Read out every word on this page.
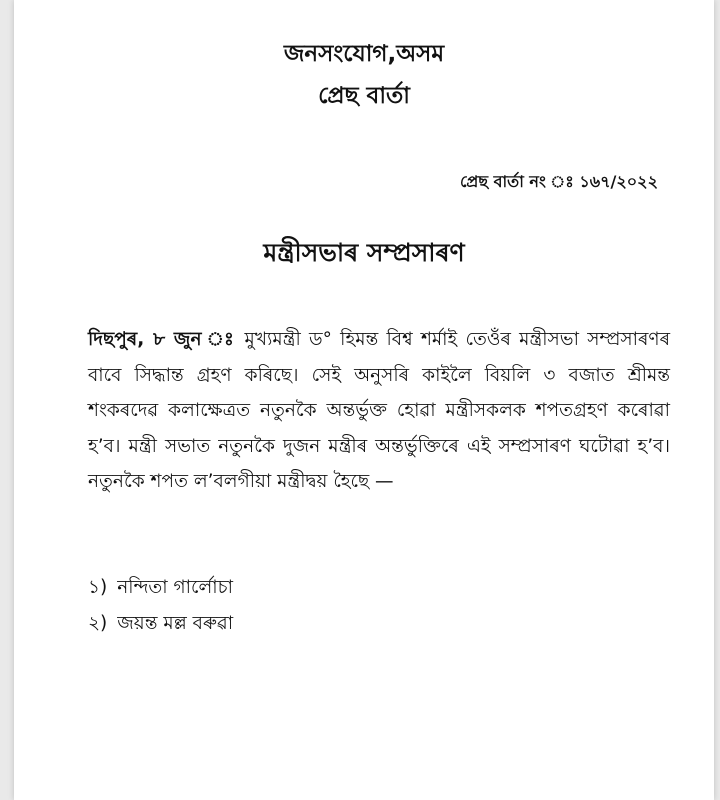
জনসংযোগ,অসম
প্ৰেছ বাৰ্তা
প্ৰেছ বাৰ্তা নং ঃ ১৬৭/২০২২
মন্ত্ৰীসভাৰ সম্প্ৰসাৰণ

দিছপুৰ, ৮ জুন ঃ মুখ্যমন্ত্ৰী ড° হিমন্ত বিশ্ব শৰ্মাই তেওঁৰ মন্ত্ৰীসভা সম্প্ৰসাৰণৰ বাবে সিদ্ধান্ত গ্ৰহণ কৰিছে। সেই অনুসৰি কাইলৈ বিয়লি ৩ বজাত শ্ৰীমন্ত শংকৰদেৱ কলাক্ষেত্ৰত নতুনকৈ অন্তৰ্ভুক্ত হোৱা মন্ত্ৰীসকলক শপতগ্ৰহণ কৰোৱা হ’ব। মন্ত্ৰী সভাত নতুনকৈ দুজন মন্ত্ৰীৰ অন্তৰ্ভুক্তিৰে এই সম্প্ৰসাৰণ ঘটোৱা হ’ব। নতুনকৈ শপত ল’বলগীয়া মন্ত্ৰীদ্বয় হৈছে —

১) নন্দিতা গাৰ্লোচা
২) জয়ন্ত মল্ল বৰুৱা
